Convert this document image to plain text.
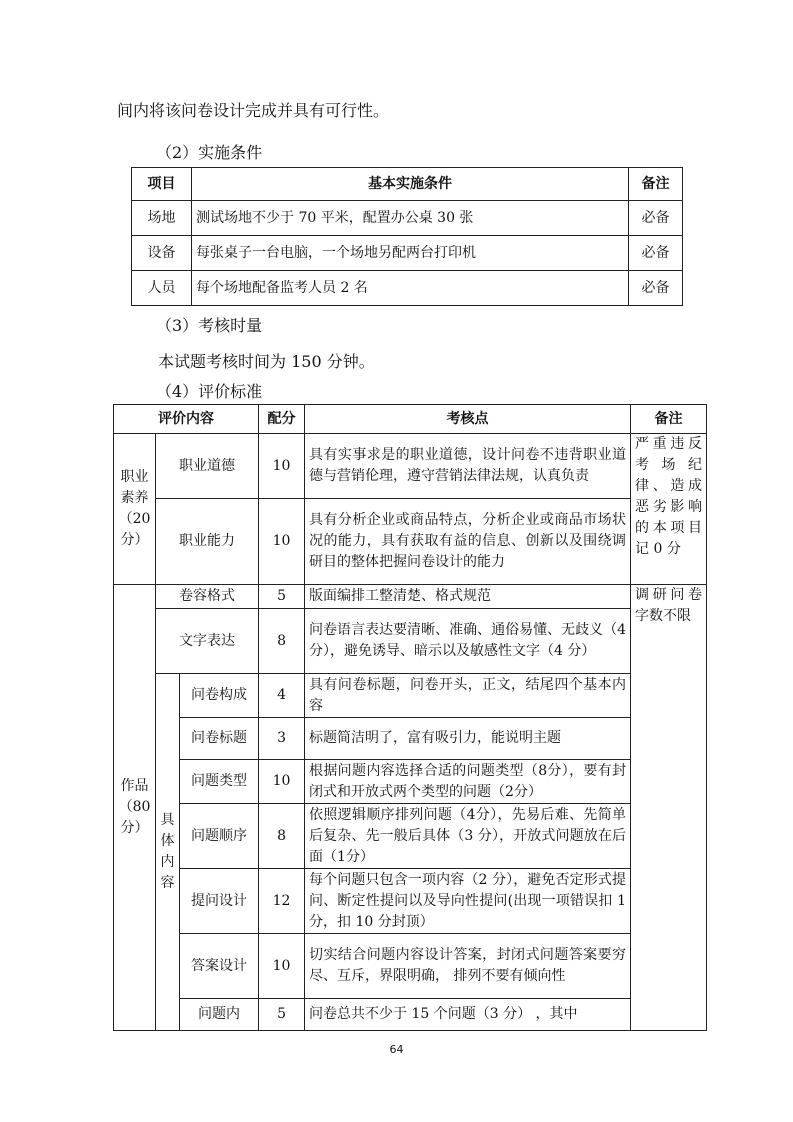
间内将该问卷设计完成并具有可行性。
（2）实施条件
项目	基本实施条件	备注
场地	测试场地不少于 70 平米，配置办公桌 30 张	必备
设备	每张桌子一台电脑，一个场地另配两台打印机	必备
人员	每个场地配备监考人员 2 名	必备
（3）考核时量
本试题考核时间为 150 分钟。
（4）评价标准
评价内容			配分	考核点	备注
职业素养（20分）	职业道德		10	具有实事求是的职业道德，设计问卷不违背职业道德与营销伦理，遵守营销法律法规，认真负责	严重违反考场纪律、造成恶劣影响的本项目记 0 分
	职业能力		10	具有分析企业或商品特点，分析企业或商品市场状况的能力，具有获取有益的信息、创新以及围绕调研目的整体把握问卷设计的能力	
作品（80分）	卷容格式		5	版面编排工整清楚、格式规范	调研问卷字数不限
	文字表达		8	问卷语言表达要清晰、准确、通俗易懂、无歧义（4 分），避免诱导、暗示以及敏感性文字（4 分）	
	具体内容	问卷构成	4	具有问卷标题，问卷开头，正文，结尾四个基本内容	
		问卷标题	3	标题简洁明了，富有吸引力，能说明主题	
		问题类型	10	根据问题内容选择合适的问题类型（8分），要有封闭式和开放式两个类型的问题（2分）	
		问题顺序	8	依照逻辑顺序排列问题（4分），先易后难、先简单后复杂、先一般后具体（3 分），开放式问题放在后面（1分）	
		提问设计	12	每个问题只包含一项内容（2 分），避免否定形式提问、断定性提问以及导向性提问(出现一项错误扣 1 分，扣 10 分封顶）	
		答案设计	10	切实结合问题内容设计答案，封闭式问题答案要穷尽、互斥，界限明确， 排列不要有倾向性	
		问题内	5	问卷总共不少于 15 个问题（3 分） ，其中	
64
